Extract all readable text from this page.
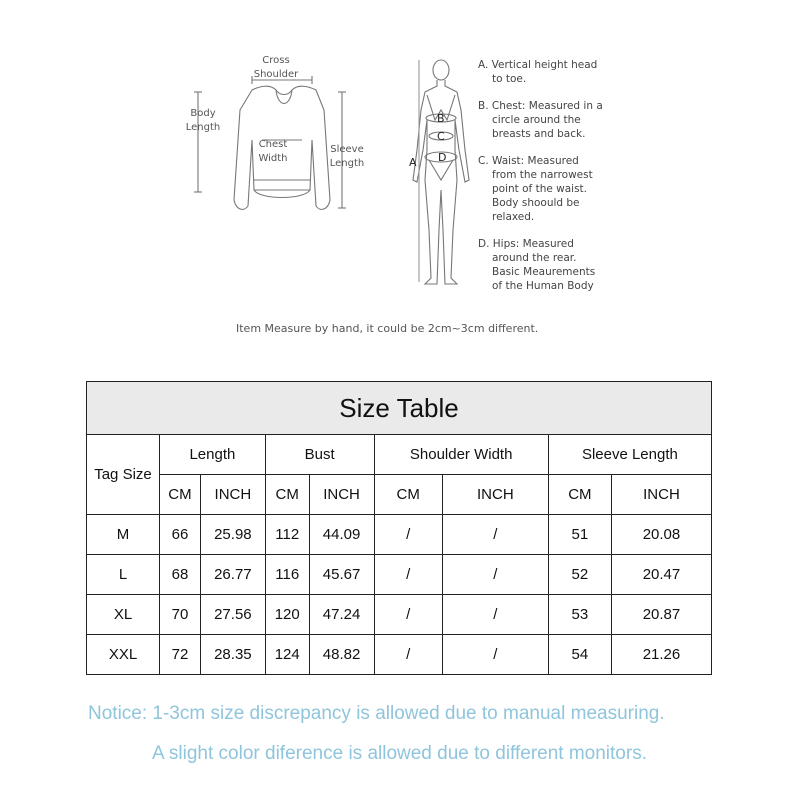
Cross
Shoulder
Body
Length
Chest
Width
Sleeve
Length
B
C
D
A

A. Vertical height head
to toe.

B. Chest: Measured in a
circle around the
breasts and back.

C. Waist: Measured
from the narrowest
point of the waist.
Body shoould be
relaxed.

D. Hips: Measured
around the rear.
Basic Meaurements
of the Human Body

Item Measure by hand, it could be 2cm~3cm different.
Size Table								
Tag Size	Length		Bust		Shoulder Width		Sleeve Length	
	CM	INCH	CM	INCH	CM	INCH	CM	INCH
M	66	25.98	112	44.09	/	/	51	20.08
L	68	26.77	116	45.67	/	/	52	20.47
XL	70	27.56	120	47.24	/	/	53	20.87
XXL	72	28.35	124	48.82	/	/	54	21.26
Notice: 1-3cm size discrepancy is allowed due to manual measuring.
A slight color diference is allowed due to different monitors.
